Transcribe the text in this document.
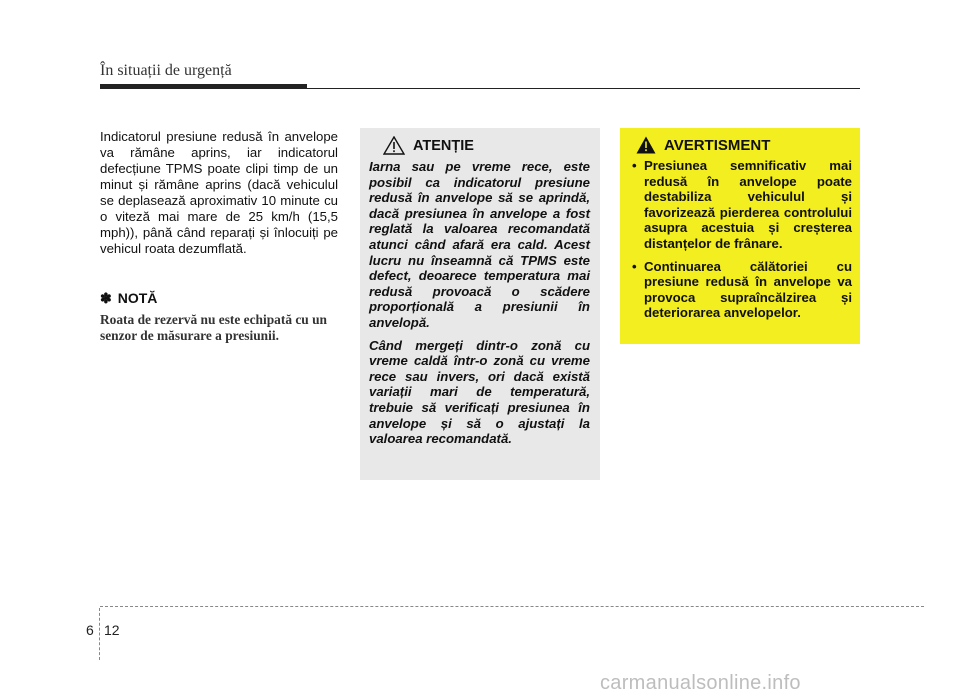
În situații de urgență
Indicatorul presiune redusă în anvelope va rămâne aprins, iar indicatorul defecțiune TPMS poate clipi timp de un minut și rămâne aprins (dacă vehiculul se deplasează aproximativ 10 minute cu o viteză mai mare de 25 km/h (15,5 mph)), până când reparați și înlocuiți pe vehicul roata dezumflată.
✽ NOTĂ
Roata de rezervă nu este echipată cu un senzor de măsurare a presiunii.
ATENȚIE

Iarna sau pe vreme rece, este posibil ca indicatorul presiune redusă în anvelope să se aprindă, dacă presiunea în anvelope a fost reglată la valoarea recomandată atunci când afară era cald. Acest lucru nu înseamnă că TPMS este defect, deoarece temperatura mai redusă provoacă o scădere proporțională a presiunii în anvelopă.

Când mergeți dintr-o zonă cu vreme caldă într-o zonă cu vreme rece sau invers, ori dacă există variații mari de temperatură, trebuie să verificați presiunea în anvelope și să o ajustați la valoarea recomandată.

AVERTISMENT
• Presiunea semnificativ mai redusă în anvelope poate destabiliza vehiculul și favorizează pierderea controlului asupra acestuia și creșterea distanțelor de frânare.
• Continuarea călătoriei cu presiune redusă în anvelope va provoca supraîncălzirea și deteriorarea anvelopelor.
6 12
carmanualsonline.info
